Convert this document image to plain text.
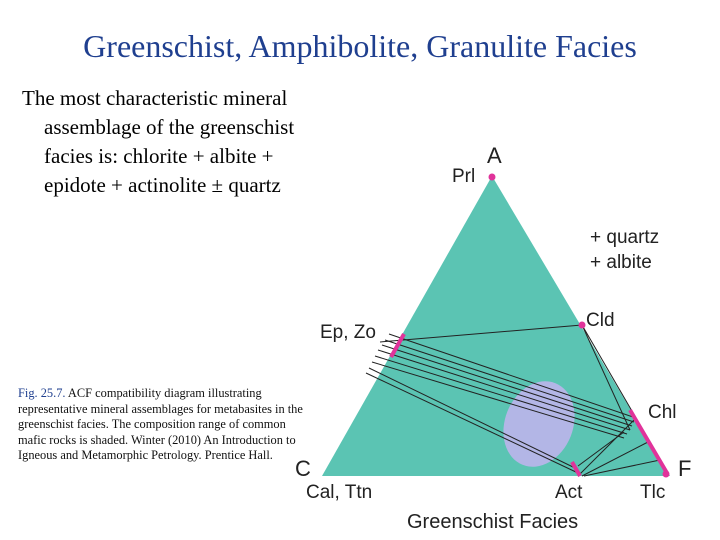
Greenschist, Amphibolite, Granulite Facies
The most characteristic mineral assemblage of the greenschist facies is: chlorite + albite + epidote + actinolite ± quartz
Fig. 25.7. ACF compatibility diagram illustrating representative mineral assemblages for metabasites in the greenschist facies. The composition range of common mafic rocks is shaded. Winter (2010) An Introduction to Igneous and Metamorphic Petrology. Prentice Hall.
A
Prl
+ quartz
+ albite
Cld
Ep, Zo
Chl
C	F
Cal, Ttn	Act	Tlc
Greenschist Facies
